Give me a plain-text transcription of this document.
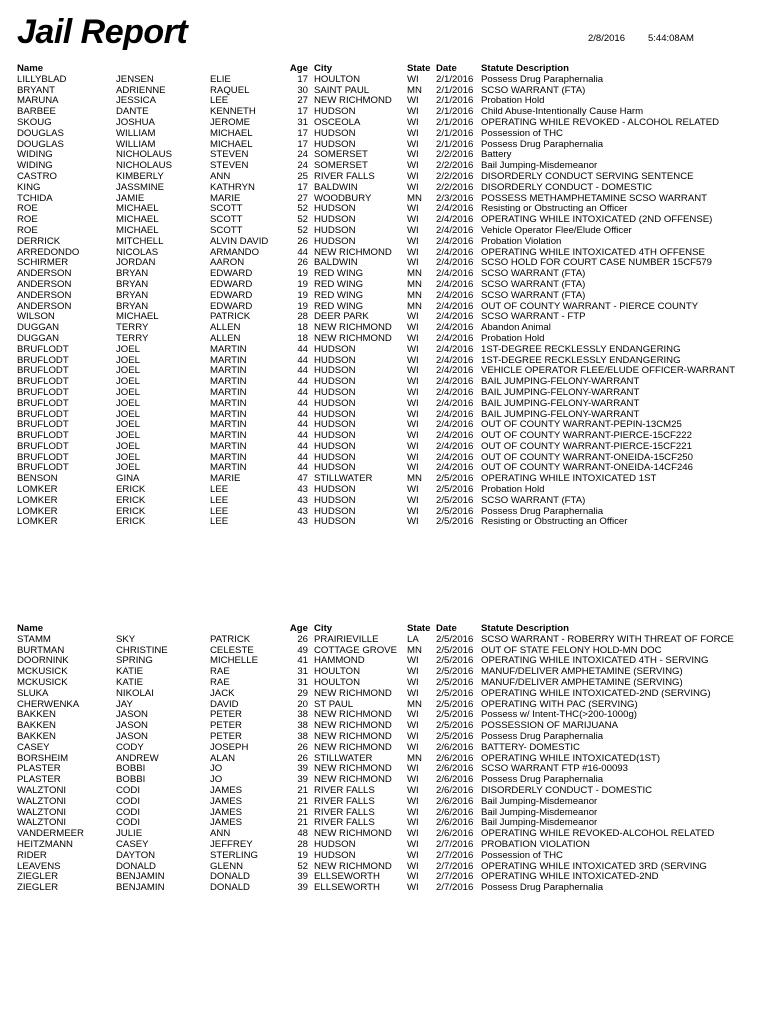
Jail Report	2/8/2016 5:44:08AM
Name	Age City	State Date	Statute Description
LILLYBLAD	JENSEN	ELIE	17 HOULTON	WI 2/1/2016 Possess Drug Paraphernalia
BRYANT	ADRIENNE	RAQUEL	30 SAINT PAUL	MN 2/1/2016 SCSO WARRANT (FTA)
MARUNA	JESSICA	LEE	27 NEW RICHMOND WI 2/1/2016 Probation Hold
BARBEE	DANTE	KENNETH	17 HUDSON	WI 2/1/2016 Child Abuse-Intentionally Cause Harm
SKOUG	JOSHUA	JEROME	31 OSCEOLA	WI 2/1/2016 OPERATING WHILE REVOKED - ALCOHOL RELATED
DOUGLAS	WILLIAM	MICHAEL	17 HUDSON	WI 2/1/2016 Possession of THC
DOUGLAS	WILLIAM	MICHAEL	17 HUDSON	WI 2/1/2016 Possess Drug Paraphernalia
WIDING	NICHOLAUS	STEVEN	24 SOMERSET	WI 2/2/2016 Battery
WIDING	NICHOLAUS	STEVEN	24 SOMERSET	WI 2/2/2016 Bail Jumping-Misdemeanor
CASTRO	KIMBERLY	ANN	25 RIVER FALLS	WI 2/2/2016 DISORDERLY CONDUCT SERVING SENTENCE
KING	JASSMINE	KATHRYN	17 BALDWIN	WI 2/2/2016 DISORDERLY CONDUCT - DOMESTIC
TCHIDA	JAMIE	MARIE	27 WOODBURY	MN 2/3/2016 POSSESS METHAMPHETAMINE SCSO WARRANT
ROE	MICHAEL	SCOTT	52 HUDSON	WI 2/4/2016 Resisting or Obstructing an Officer
ROE	MICHAEL	SCOTT	52 HUDSON	WI 2/4/2016 OPERATING WHILE INTOXICATED (2ND OFFENSE)
ROE	MICHAEL	SCOTT	52 HUDSON	WI 2/4/2016 Vehicle Operator Flee/Elude Officer
DERRICK	MITCHELL	ALVIN DAVID	26 HUDSON	WI 2/4/2016 Probation Violation
ARREDONDO	NICOLAS	ARMANDO	44 NEW RICHMOND WI 2/4/2016 OPERATING WHILE INTOXICATED 4TH OFFENSE
SCHIRMER	JORDAN	AARON	26 BALDWIN	WI 2/4/2016 SCSO HOLD FOR COURT CASE NUMBER 15CF579
ANDERSON	BRYAN	EDWARD	19 RED WING	MN 2/4/2016 SCSO WARRANT (FTA)
ANDERSON	BRYAN	EDWARD	19 RED WING	MN 2/4/2016 SCSO WARRANT (FTA)
ANDERSON	BRYAN	EDWARD	19 RED WING	MN 2/4/2016 SCSO WARRANT (FTA)
ANDERSON	BRYAN	EDWARD	19 RED WING	MN 2/4/2016 OUT OF COUNTY WARRANT - PIERCE COUNTY
WILSON	MICHAEL	PATRICK	28 DEER PARK	WI 2/4/2016 SCSO WARRANT - FTP
DUGGAN	TERRY	ALLEN	18 NEW RICHMOND WI 2/4/2016 Abandon Animal
DUGGAN	TERRY	ALLEN	18 NEW RICHMOND WI 2/4/2016 Probation Hold
BRUFLODT	JOEL	MARTIN	44 HUDSON	WI 2/4/2016 1ST-DEGREE RECKLESSLY ENDANGERING
BRUFLODT	JOEL	MARTIN	44 HUDSON	WI 2/4/2016 1ST-DEGREE RECKLESSLY ENDANGERING
BRUFLODT	JOEL	MARTIN	44 HUDSON	WI 2/4/2016 VEHICLE OPERATOR FLEE/ELUDE OFFICER-WARRANT
BRUFLODT	JOEL	MARTIN	44 HUDSON	WI 2/4/2016 BAIL JUMPING-FELONY-WARRANT
BRUFLODT	JOEL	MARTIN	44 HUDSON	WI 2/4/2016 BAIL JUMPING-FELONY-WARRANT
BRUFLODT	JOEL	MARTIN	44 HUDSON	WI 2/4/2016 BAIL JUMPING-FELONY-WARRANT
BRUFLODT	JOEL	MARTIN	44 HUDSON	WI 2/4/2016 BAIL JUMPING-FELONY-WARRANT
BRUFLODT	JOEL	MARTIN	44 HUDSON	WI 2/4/2016 OUT OF COUNTY WARRANT-PEPIN-13CM25
BRUFLODT	JOEL	MARTIN	44 HUDSON	WI 2/4/2016 OUT OF COUNTY WARRANT-PIERCE-15CF222
BRUFLODT	JOEL	MARTIN	44 HUDSON	WI 2/4/2016 OUT OF COUNTY WARRANT-PIERCE-15CF221
BRUFLODT	JOEL	MARTIN	44 HUDSON	WI 2/4/2016 OUT OF COUNTY WARRANT-ONEIDA-15CF250
BRUFLODT	JOEL	MARTIN	44 HUDSON	WI 2/4/2016 OUT OF COUNTY WARRANT-ONEIDA-14CF246
BENSON	GINA	MARIE	47 STILLWATER	MN 2/5/2016 OPERATING WHILE INTOXICATED 1ST
LOMKER	ERICK	LEE	43 HUDSON	WI 2/5/2016 Probation Hold
LOMKER	ERICK	LEE	43 HUDSON	WI 2/5/2016 SCSO WARRANT (FTA)
LOMKER	ERICK	LEE	43 HUDSON	WI 2/5/2016 Possess Drug Paraphernalia
LOMKER	ERICK	LEE	43 HUDSON	WI 2/5/2016 Resisting or Obstructing an Officer
Name	Age City	State Date	Statute Description
STAMM	SKY	PATRICK	26 PRAIRIEVILLE	LA 2/5/2016 SCSO WARRANT - ROBERRY WITH THREAT OF FORCE
BURTMAN	CHRISTINE	CELESTE	49 COTTAGE GROVE MN 2/5/2016 OUT OF STATE FELONY HOLD-MN DOC
DOORNINK	SPRING	MICHELLE	41 HAMMOND	WI 2/5/2016 OPERATING WHILE INTOXICATED 4TH - SERVING
MCKUSICK	KATIE	RAE	31 HOULTON	WI 2/5/2016 MANUF/DELIVER AMPHETAMINE (SERVING)
MCKUSICK	KATIE	RAE	31 HOULTON	WI 2/5/2016 MANUF/DELIVER AMPHETAMINE (SERVING)
SLUKA	NIKOLAI	JACK	29 NEW RICHMOND WI 2/5/2016 OPERATING WHILE INTOXICATED-2ND (SERVING)
CHERWENKA	JAY	DAVID	20 ST PAUL	MN 2/5/2016 OPERATING WITH PAC (SERVING)
BAKKEN	JASON	PETER	38 NEW RICHMOND WI 2/5/2016 Possess w/ Intent-THC(>200-1000g)
BAKKEN	JASON	PETER	38 NEW RICHMOND WI 2/5/2016 POSSESSION OF MARIJUANA
BAKKEN	JASON	PETER	38 NEW RICHMOND WI 2/5/2016 Possess Drug Paraphernalia
CASEY	CODY	JOSEPH	26 NEW RICHMOND WI 2/6/2016 BATTERY- DOMESTIC
BORSHEIM	ANDREW	ALAN	26 STILLWATER	MN 2/6/2016 OPERATING WHILE INTOXICATED(1ST)
PLASTER	BOBBI	JO	39 NEW RICHMOND WI 2/6/2016 SCSO WARRANT FTP #16-00093
PLASTER	BOBBI	JO	39 NEW RICHMOND WI 2/6/2016 Possess Drug Paraphernalia
WALZTONI	CODI	JAMES	21 RIVER FALLS	WI 2/6/2016 DISORDERLY CONDUCT - DOMESTIC
WALZTONI	CODI	JAMES	21 RIVER FALLS	WI 2/6/2016 Bail Jumping-Misdemeanor
WALZTONI	CODI	JAMES	21 RIVER FALLS	WI 2/6/2016 Bail Jumping-Misdemeanor
WALZTONI	CODI	JAMES	21 RIVER FALLS	WI 2/6/2016 Bail Jumping-Misdemeanor
VANDERMEER	JULIE	ANN	48 NEW RICHMOND WI 2/6/2016 OPERATING WHILE REVOKED-ALCOHOL RELATED
HEITZMANN	CASEY	JEFFREY	28 HUDSON	WI 2/7/2016 PROBATION VIOLATION
RIDER	DAYTON	STERLING	19 HUDSON	WI 2/7/2016 Possession of THC
LEAVENS	DONALD	GLENN	52 NEW RICHMOND WI 2/7/2016 OPERATING WHILE INTOXICATED 3RD (SERVING
ZIEGLER	BENJAMIN	DONALD	39 ELLSEWORTH	WI 2/7/2016 OPERATING WHILE INTOXICATED-2ND
ZIEGLER	BENJAMIN	DONALD	39 ELLSEWORTH	WI 2/7/2016 Possess Drug Paraphernalia
